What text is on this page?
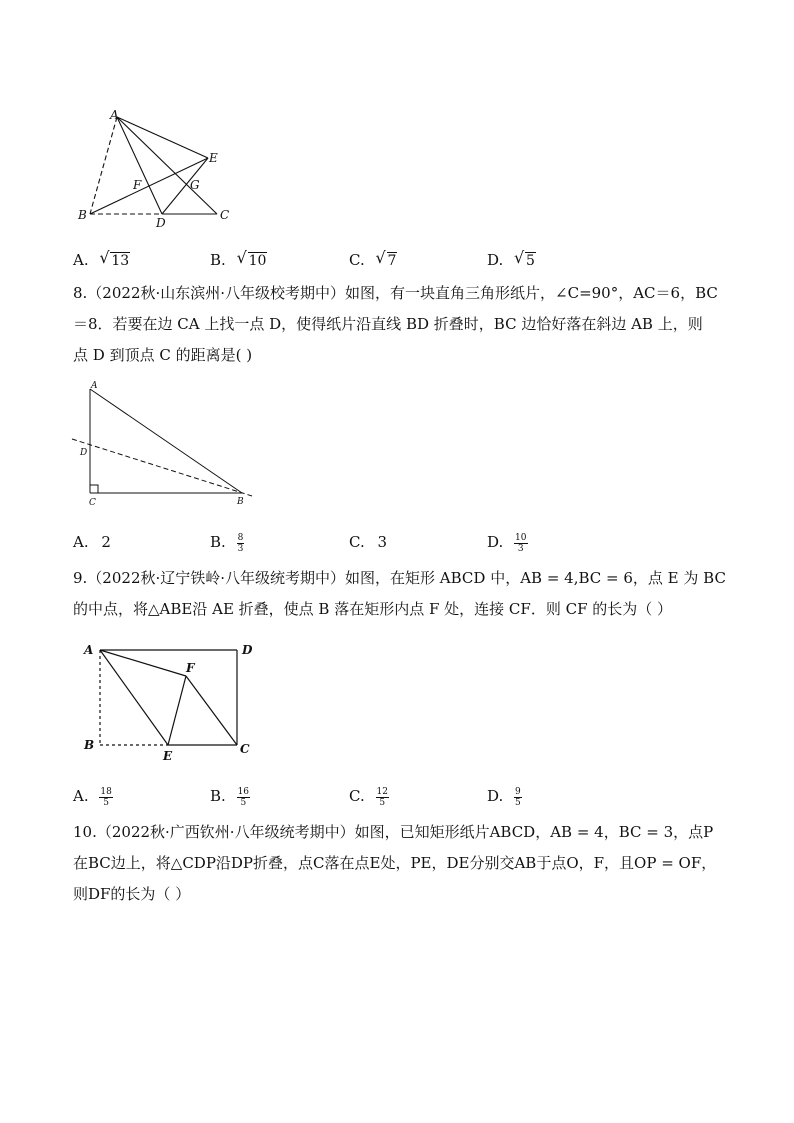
A
E
F	G
B
D
C
A. √ 13	B. √ 10	C. √ 7	D. √ 5
8.（2022秋·山东滨州·八年级校考期中）如图，有一块直角三角形纸片，∠C=90°，AC＝6，BC
＝8．若要在边 CA 上找一点 D，使得纸片沿直线 BD 折叠时，BC 边恰好落在斜边 AB 上，则
点 D 到顶点 C 的距离是( )
A
D
C	B
A. 2	B. $\frac{8}{3}$	C. 3	D. $\frac{10}{3}$
9.（2022秋·辽宁铁岭·八年级统考期中）如图，在矩形 ABCD 中，AB = 4,BC = 6，点 E 为 BC
的中点，将△ABE沿 AE 折叠，使点 B 落在矩形内点 F 处，连接 CF．则 CF 的长为（ ）
A	D
F
B
E	C
A. $\frac{18}{5}$	B. $\frac{16}{5}$	C. $\frac{12}{5}$	D. $\frac{9}{5}$
10.（2022秋·广西钦州·八年级统考期中）如图，已知矩形纸片ABCD，AB = 4，BC = 3，点P
在BC边上，将△CDP沿DP折叠，点C落在点E处，PE，DE分别交AB于点O，F，且OP = OF，
则DF的长为（ ）
